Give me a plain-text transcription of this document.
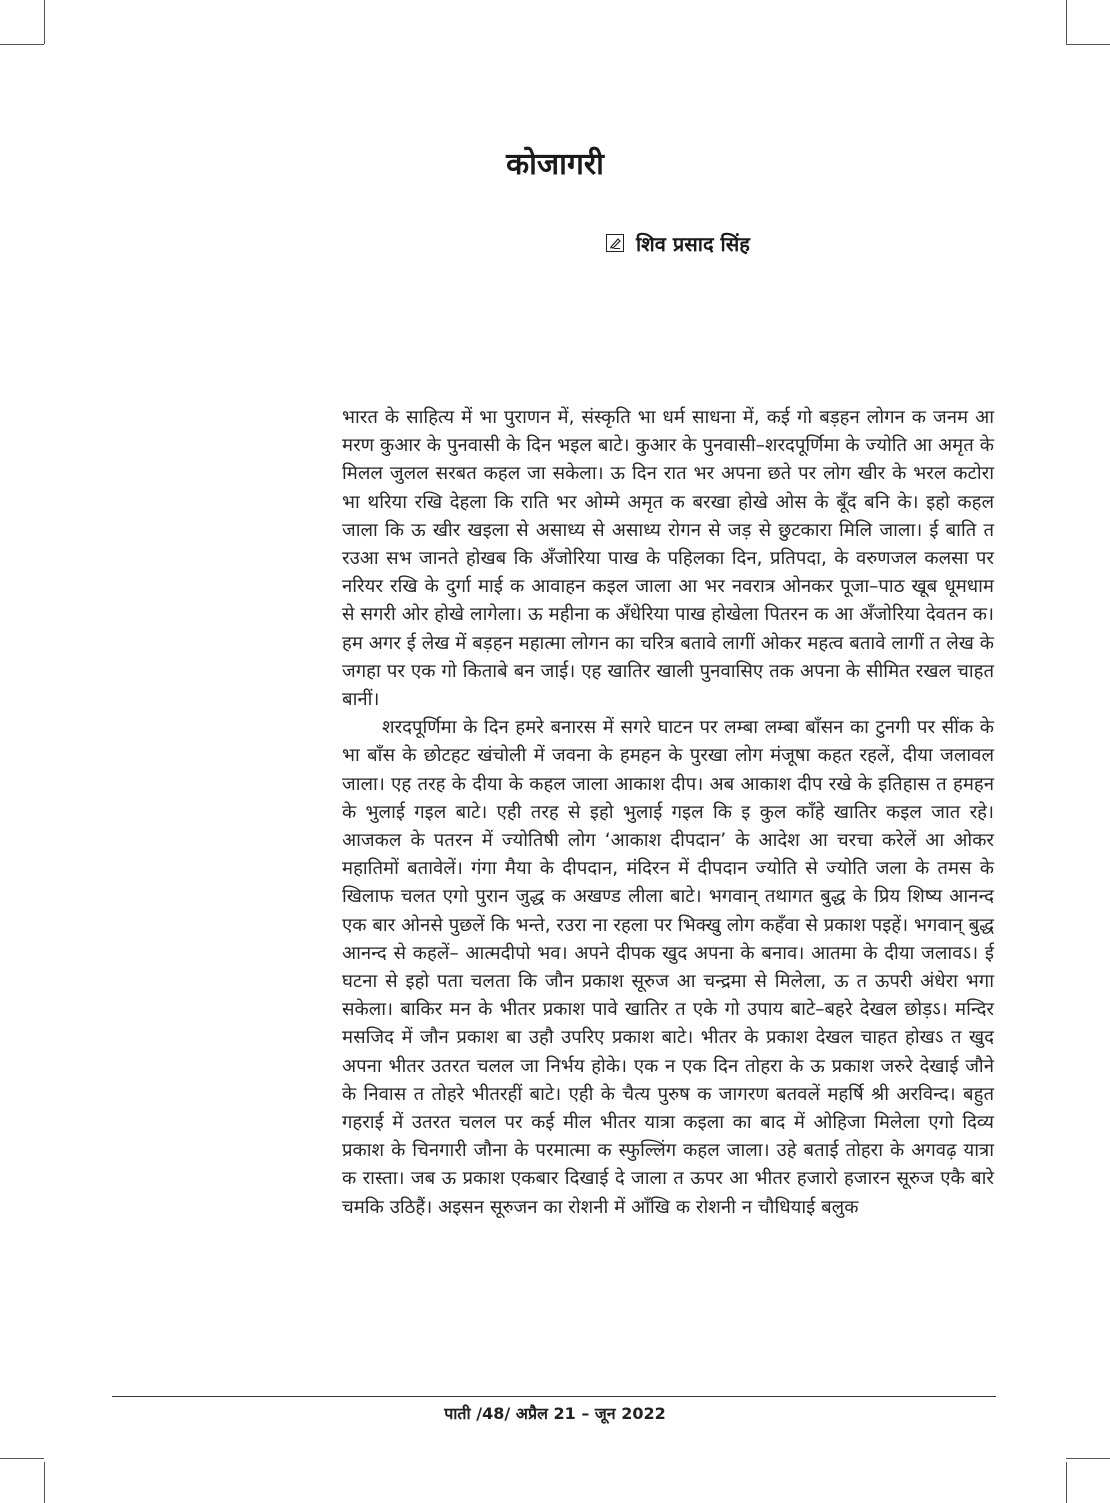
कोजागरी
शिव प्रसाद सिंह

भारत के साहित्य में भा पुराणन में, संस्कृति भा धर्म साधना में, कई गो बड़हन लोगन क जनम आ मरण कुआर के पुनवासी के दिन भइल बाटे। कुआर के पुनवासी–शरदपूर्णिमा के ज्योति आ अमृत के मिलल जुलल सरबत कहल जा सकेला। ऊ दिन रात भर अपना छते पर लोग खीर के भरल कटोरा भा थरिया रखि देहला कि राति भर ओम्मे अमृत क बरखा होखे ओस के बूँद बनि के। इहो कहल जाला कि ऊ खीर खइला से असाध्य से असाध्य रोगन से जड़ से छुटकारा मिलि जाला। ई बाति त रउआ सभ जानते होखब कि अँजोरिया पाख के पहिलका दिन, प्रतिपदा, के वरुणजल कलसा पर नरियर रखि के दुर्गा माई क आवाहन कइल जाला आ भर नवरात्र ओनकर पूजा–पाठ खूब धूमधाम से सगरी ओर होखे लागेला। ऊ महीना क अँधेरिया पाख होखेला पितरन क आ अँजोरिया देवतन क। हम अगर ई लेख में बड़हन महात्मा लोगन का चरित्र बतावे लागीं ओकर महत्व बतावे लागीं त लेख के जगहा पर एक गो किताबे बन जाई। एह खातिर खाली पुनवासिए तक अपना के सीमित रखल चाहत बानीं।

शरदपूर्णिमा के दिन हमरे बनारस में सगरे घाटन पर लम्बा लम्बा बाँसन का टुनगी पर सींक के भा बाँस के छोटहट खंचोली में जवना के हमहन के पुरखा लोग मंजूषा कहत रहलें, दीया जलावल जाला। एह तरह के दीया के कहल जाला आकाश दीप। अब आकाश दीप रखे के इतिहास त हमहन के भुलाई गइल बाटे। एही तरह से इहो भुलाई गइल कि इ कुल काँहे खातिर कइल जात रहे। आजकल के पतरन में ज्योतिषी लोग ‘आकाश दीपदान’ के आदेश आ चरचा करेलें आ ओकर महातिमों बतावेलें। गंगा मैया के दीपदान, मंदिरन में दीपदान ज्योति से ज्योति जला के तमस के खिलाफ चलत एगो पुरान जुद्ध क अखण्ड लीला बाटे। भगवान् तथागत बुद्ध के प्रिय शिष्य आनन्द एक बार ओनसे पुछलें कि भन्ते, रउरा ना रहला पर भिक्खु लोग कहँवा से प्रकाश पइहें। भगवान् बुद्ध आनन्द से कहलें– आत्मदीपो भव। अपने दीपक खुद अपना के बनाव। आतमा के दीया जलावऽ। ई घटना से इहो पता चलता कि जौन प्रकाश सूरुज आ चन्द्रमा से मिलेला, ऊ त ऊपरी अंधेरा भगा सकेला। बाकिर मन के भीतर प्रकाश पावे खातिर त एके गो उपाय बाटे–बहरे देखल छोड़ऽ। मन्दिर मसजिद में जौन प्रकाश बा उहौ उपरिए प्रकाश बाटे। भीतर के प्रकाश देखल चाहत होखऽ त खुद अपना भीतर उतरत चलल जा निर्भय होके। एक न एक दिन तोहरा के ऊ प्रकाश जरुरे देखाई जौने के निवास त तोहरे भीतरहीं बाटे। एही के चैत्य पुरुष क जागरण बतवलें महर्षि श्री अरविन्द। बहुत गहराई में उतरत चलल पर कई मील भीतर यात्रा कइला का बाद में ओहिजा मिलेला एगो दिव्य प्रकाश के चिनगारी जौना के परमात्मा क स्फुल्लिंग कहल जाला। उहे बताई तोहरा के अगवढ़ यात्रा क रास्ता। जब ऊ प्रकाश एकबार दिखाई दे जाला त ऊपर आ भीतर हजारो हजारन सूरुज एकै बारे चमकि उठिहैं। अइसन सूरुजन का रोशनी में आँखि क रोशनी न चौधियाई बलुक

पाती /48/ अप्रैल 21 – जून 2022
